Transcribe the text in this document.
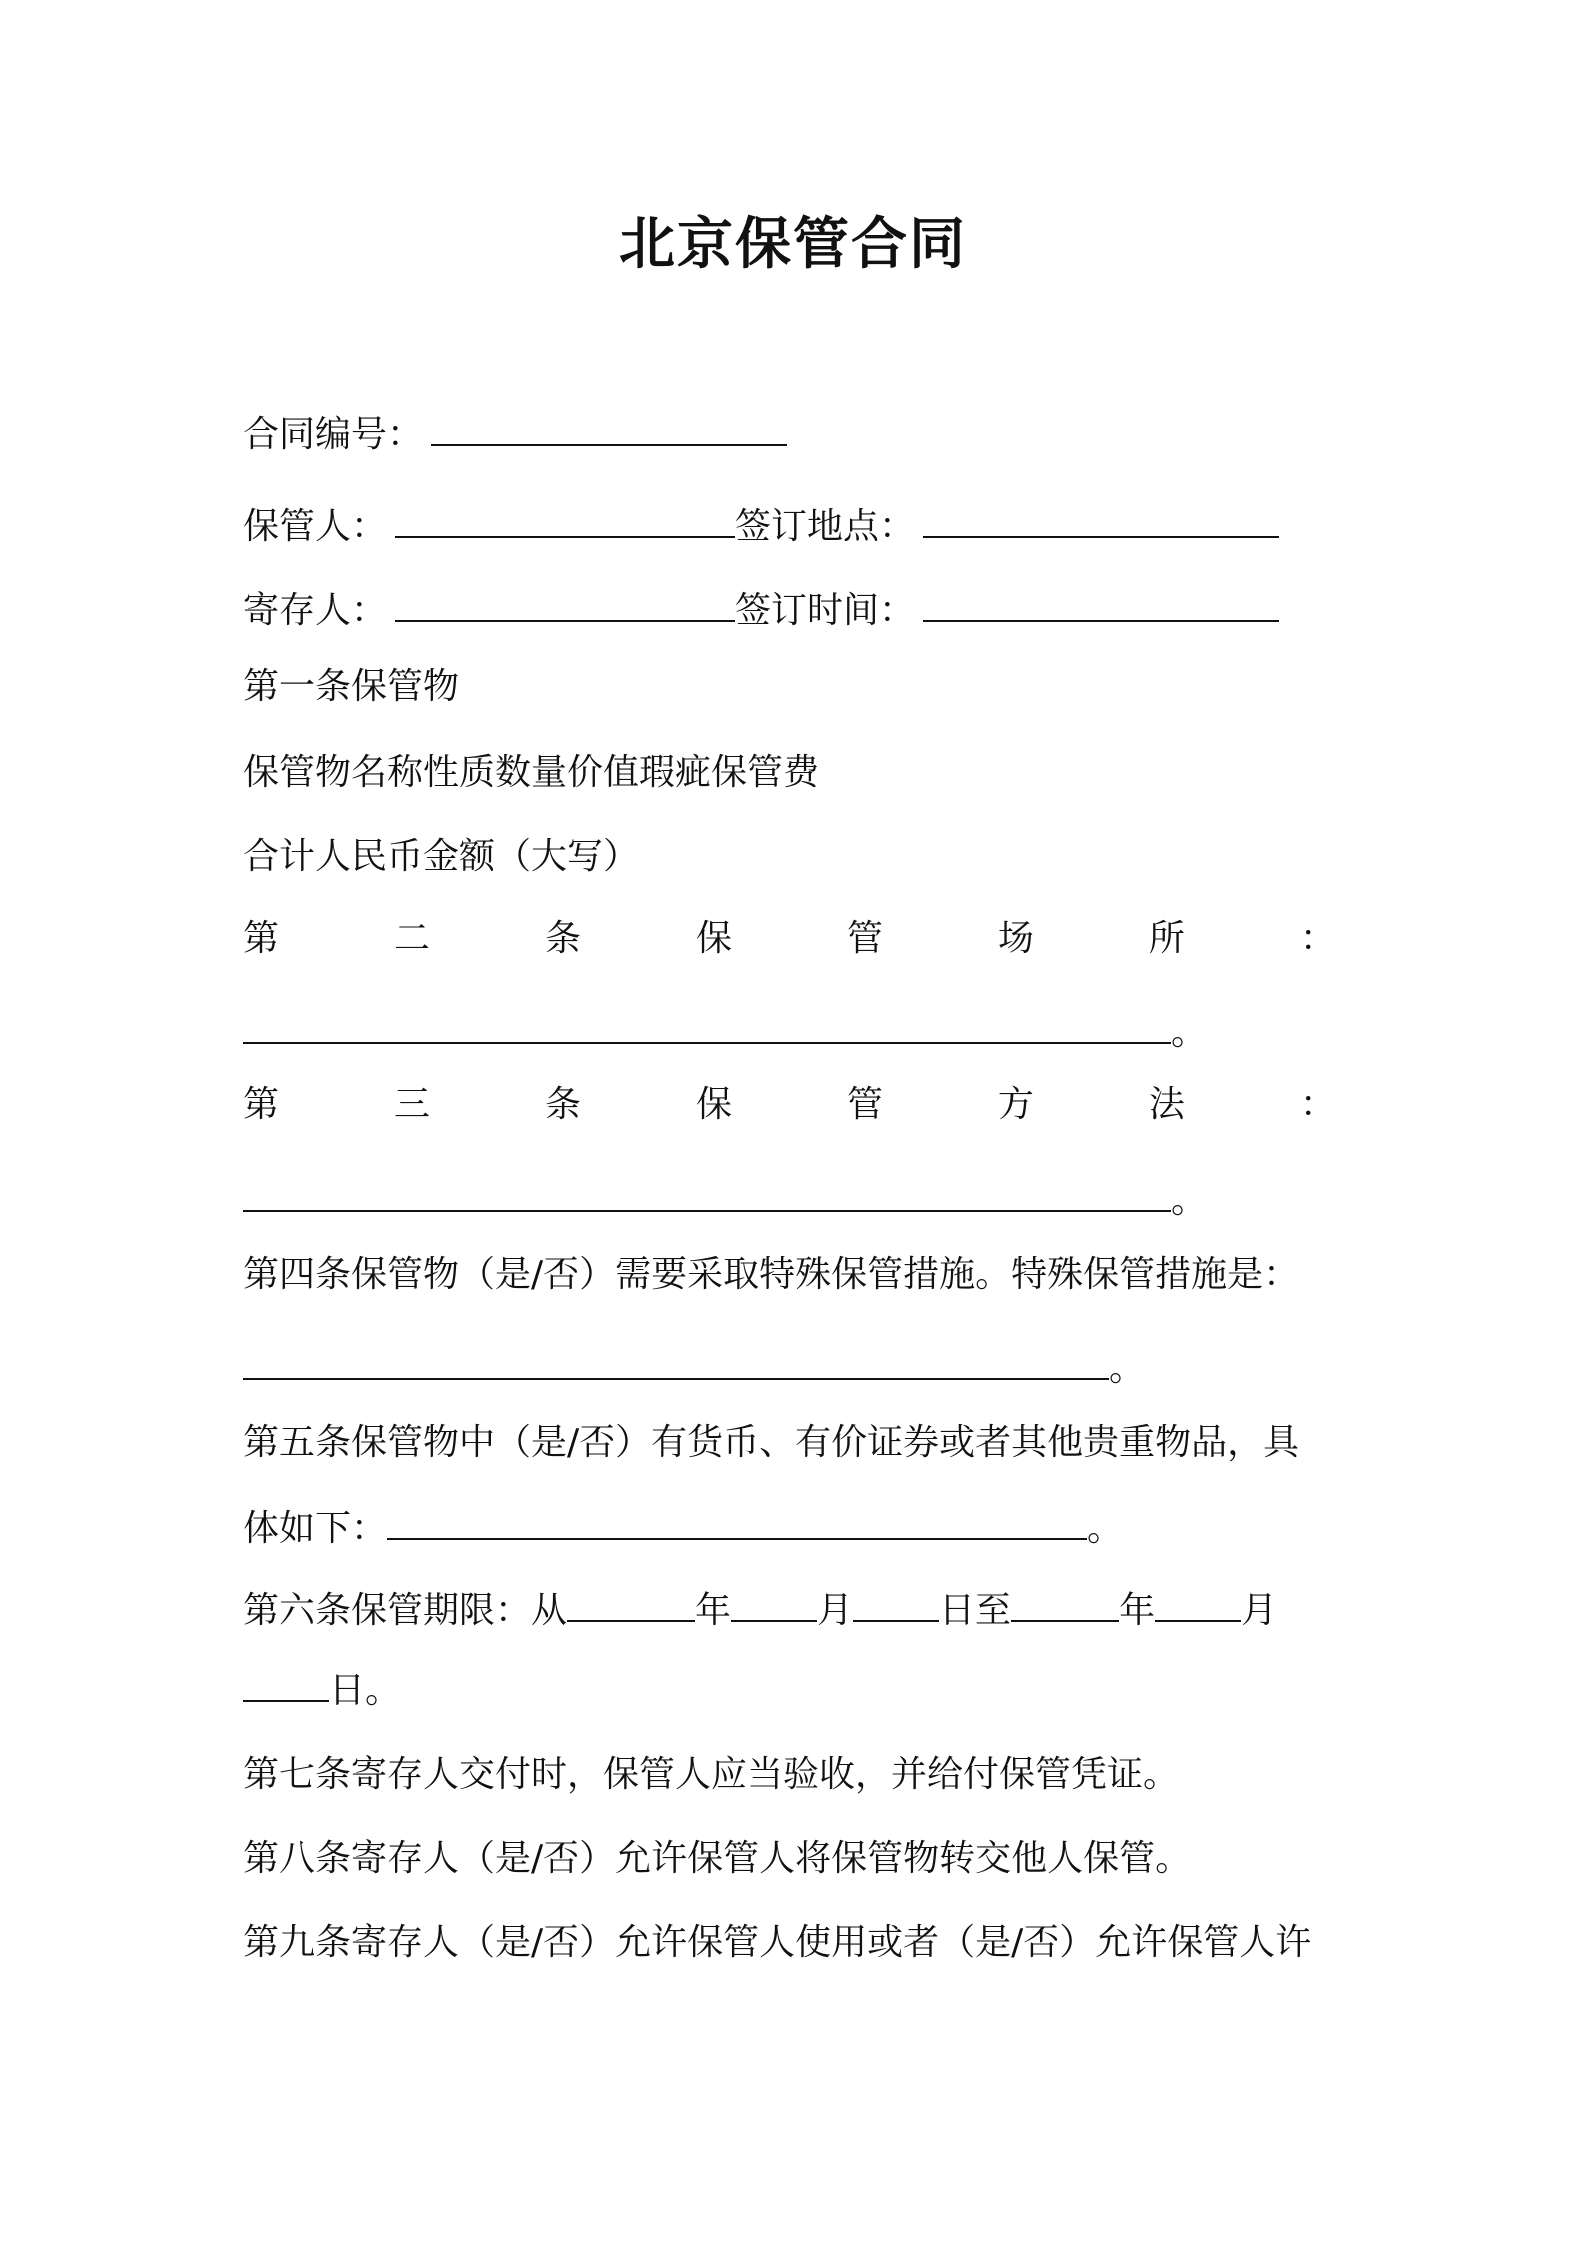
北京保管合同
合同编号：
保管人：	签订地点：
寄存人：	签订时间：
第一条保管物
保管物名称性质数量价值瑕疵保管费
合计人民币金额（大写）
第	二	条	保	管	场	所	：
。
第	三	条	保	管	方	法	：
。
第四条保管物（是/否）需要采取特殊保管措施。特殊保管措施是：
。
第五条保管物中（是/否）有货币、有价证券或者其他贵重物品，具
体如下：	。
第六条保管期限：从	年 月 日至	年 月
日。
第七条寄存人交付时，保管人应当验收，并给付保管凭证。
第八条寄存人（是/否）允许保管人将保管物转交他人保管。
第九条寄存人（是/否）允许保管人使用或者（是/否）允许保管人许
